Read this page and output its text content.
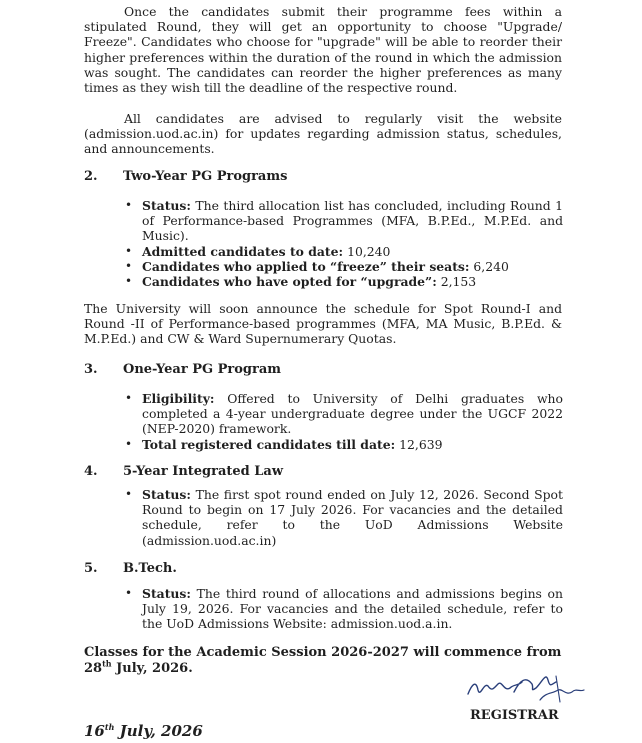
Once the candidates submit their programme fees within a stipulated Round, they will get an opportunity to choose "Upgrade/ Freeze". Candidates who choose for "upgrade" will be able to reorder their higher preferences within the duration of the round in which the admission was sought. The candidates can reorder the higher preferences as many times as they wish till the deadline of the respective round.
All candidates are advised to regularly visit the website (admission.uod.ac.in) for updates regarding admission status, schedules, and announcements.
2. Two-Year PG Programs
• Status: The third allocation list has concluded, including Round 1 of Performance-based Programmes (MFA, B.P.Ed., M.P.Ed. and Music).
• Admitted candidates to date: 10,240
• Candidates who applied to “freeze” their seats: 6,240
• Candidates who have opted for “upgrade”: 2,153
The University will soon announce the schedule for Spot Round-I and Round -II of Performance-based programmes (MFA, MA Music, B.P.Ed. & M.P.Ed.) and CW & Ward Supernumerary Quotas.
3. One-Year PG Program
• Eligibility: Offered to University of Delhi graduates who completed a 4-year undergraduate degree under the UGCF 2022 (NEP-2020) framework.
• Total registered candidates till date: 12,639
4. 5-Year Integrated Law
• Status: The first spot round ended on July 12, 2026. Second Spot Round to begin on 17 July 2026. For vacancies and the detailed schedule, refer to the UoD Admissions Website (admission.uod.ac.in)
5. B.Tech.
• Status: The third round of allocations and admissions begins on July 19, 2026. For vacancies and the detailed schedule, refer to the UoD Admissions Website: admission.uod.a.in.
Classes for the Academic Session 2026-2027 will commence from 28th July, 2026.
REGISTRAR
16th July, 2026
